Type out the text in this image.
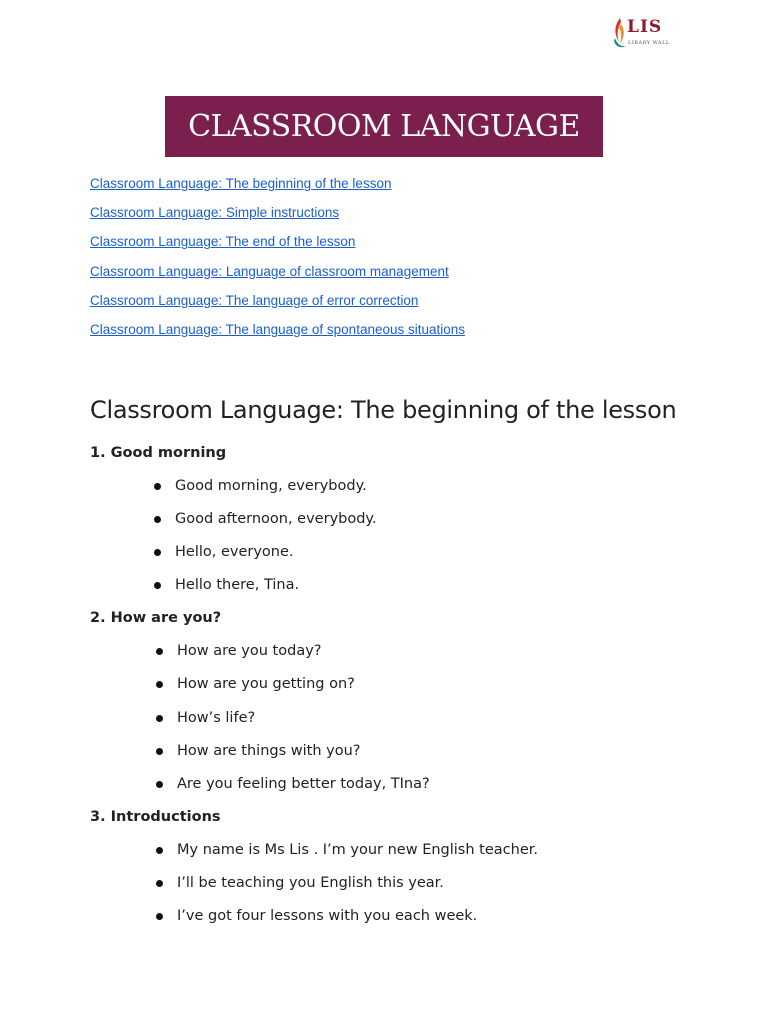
LIS
LIBARY WALL
CLASSROOM LANGUAGE
Classroom Language: The beginning of the lesson
Classroom Language: Simple instructions
Classroom Language: The end of the lesson
Classroom Language: Language of classroom management
Classroom Language: The language of error correction
Classroom Language: The language of spontaneous situations
Classroom Language: The beginning of the lesson

1. Good morning

Good morning, everybody.
Good afternoon, everybody.
Hello, everyone.
Hello there, Tina.

2. How are you?

How are you today?
How are you getting on?
How’s life?
How are things with you?
Are you feeling better today, TIna?

3. Introductions

My name is Ms Lis . I’m your new English teacher.
I’ll be teaching you English this year.
I’ve got four lessons with you each week.
